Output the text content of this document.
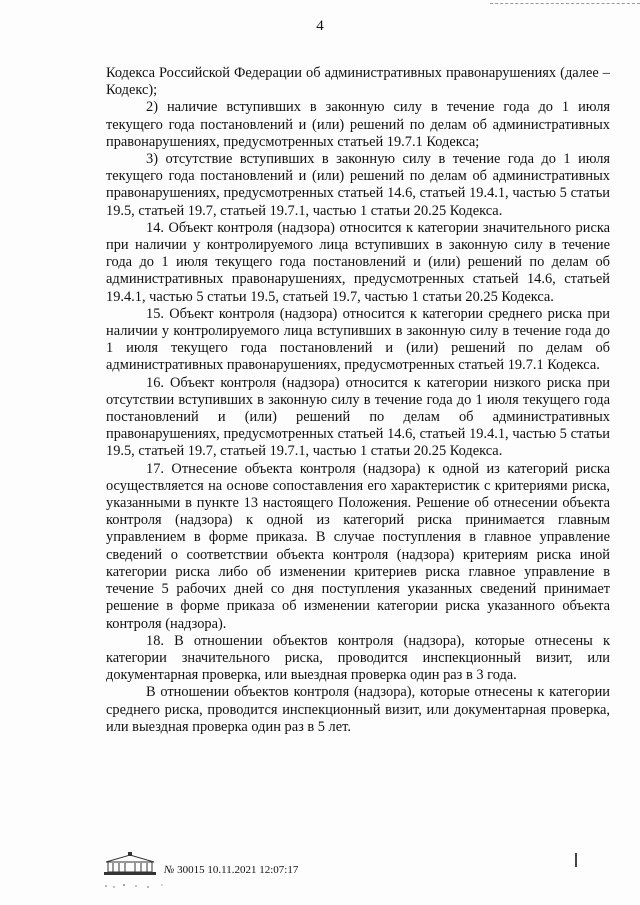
4

Кодекса Российской Федерации об административных правонарушениях (далее – Кодекс);

2) наличие вступивших в законную силу в течение года до 1 июля текущего года постановлений и (или) решений по делам об административных правонарушениях, предусмотренных статьей 19.7.1 Кодекса;

3) отсутствие вступивших в законную силу в течение года до 1 июля текущего года постановлений и (или) решений по делам об административных правонарушениях, предусмотренных статьей 14.6, статьей 19.4.1, частью 5 статьи 19.5, статьей 19.7, статьей 19.7.1, частью 1 статьи 20.25 Кодекса.

14. Объект контроля (надзора) относится к категории значительного риска при наличии у контролируемого лица вступивших в законную силу в течение года до 1 июля текущего года постановлений и (или) решений по делам об административных правонарушениях, предусмотренных статьей 14.6, статьей 19.4.1, частью 5 статьи 19.5, статьей 19.7, частью 1 статьи 20.25 Кодекса.

15. Объект контроля (надзора) относится к категории среднего риска при наличии у контролируемого лица вступивших в законную силу в течение года до 1 июля текущего года постановлений и (или) решений по делам об административных правонарушениях, предусмотренных статьей 19.7.1 Кодекса.

16. Объект контроля (надзора) относится к категории низкого риска при отсутствии вступивших в законную силу в течение года до 1 июля текущего года постановлений и (или) решений по делам об административных правонарушениях, предусмотренных статьей 14.6, статьей 19.4.1, частью 5 статьи 19.5, статьей 19.7, статьей 19.7.1, частью 1 статьи 20.25 Кодекса.

17. Отнесение объекта контроля (надзора) к одной из категорий риска осуществляется на основе сопоставления его характеристик с критериями риска, указанными в пункте 13 настоящего Положения. Решение об отнесении объекта контроля (надзора) к одной из категорий риска принимается главным управлением в форме приказа. В случае поступления в главное управление сведений о соответствии объекта контроля (надзора) критериям риска иной категории риска либо об изменении критериев риска главное управление в течение 5 рабочих дней со дня поступления указанных сведений принимает решение в форме приказа об изменении категории риска указанного объекта контроля (надзора).

18. В отношении объектов контроля (надзора), которые отнесены к категории значительного риска, проводится инспекционный визит, или документарная проверка, или выездная проверка один раз в 3 года.

В отношении объектов контроля (надзора), которые отнесены к категории среднего риска, проводится инспекционный визит, или документарная проверка, или выездная проверка один раз в 5 лет.

№ 30015 10.11.2021 12:07:17
